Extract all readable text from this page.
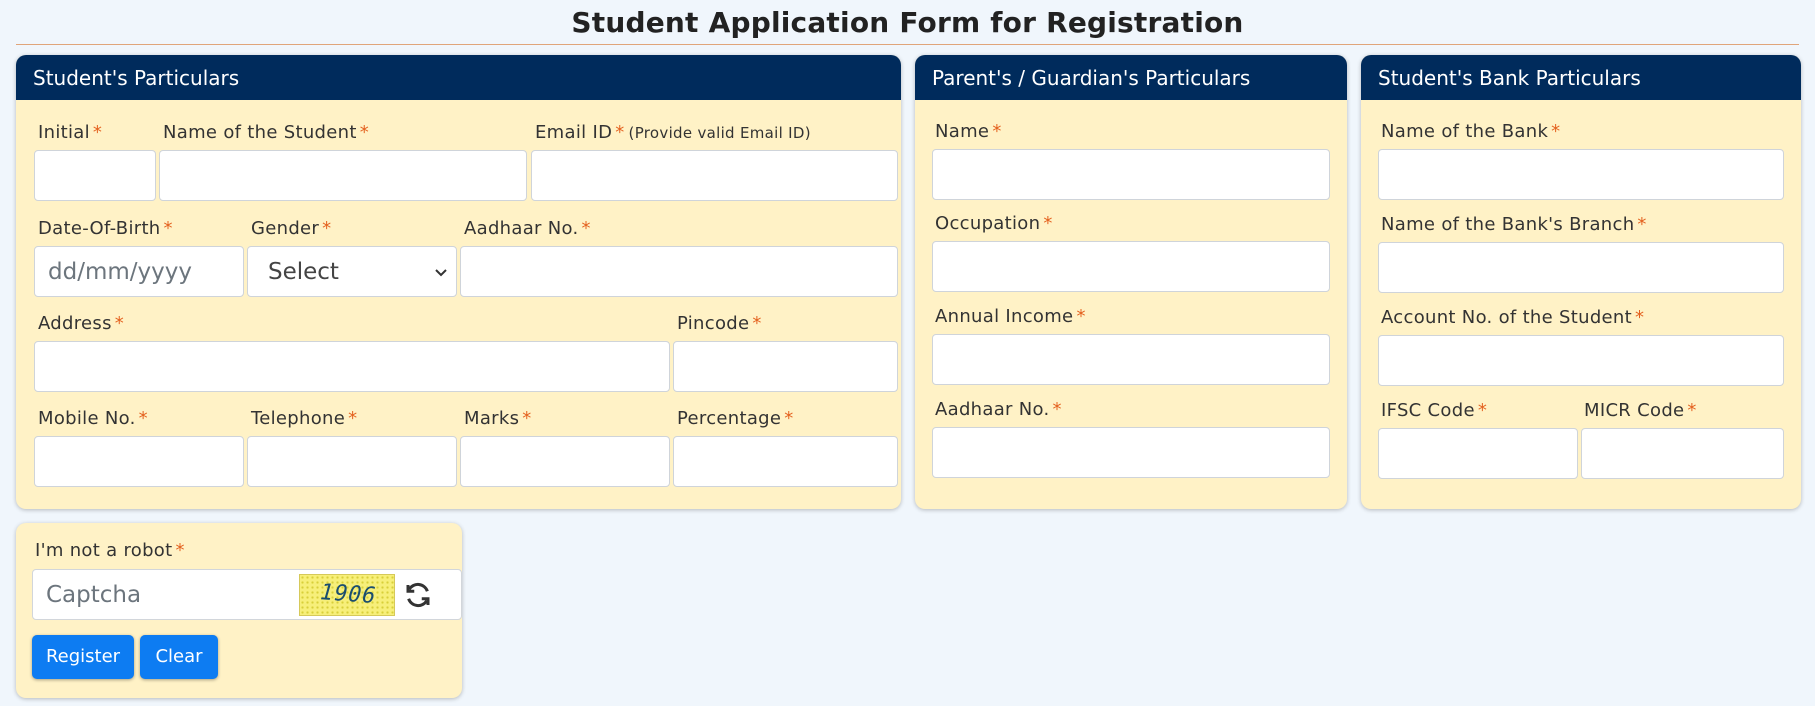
Student Application Form for Registration
Student's Particulars
Initial *	Name of the Student *	Email ID * (Provide valid Email ID)
Date-Of-Birth *	Gender *	Aadhaar No. *
dd/mm/yyyy	Select
Address *	Pincode *
Mobile No. *	Telephone *	Marks *	Percentage *
Parent's / Guardian's Particulars
Name *
Occupation *
Annual Income *
Aadhaar No. *
Student's Bank Particulars
Name of the Bank *
Name of the Bank's Branch *
Account No. of the Student *
IFSC Code *	MICR Code *
I'm not a robot *
Captcha	1906
Register	Clear
